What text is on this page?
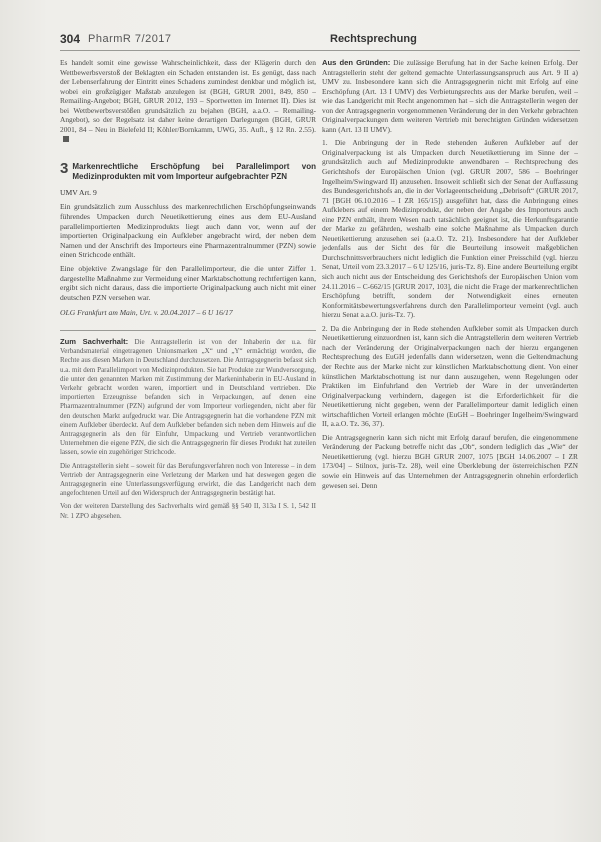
304 PharmR 7/2017	Rechtsprechung

Es handelt somit eine gewisse Wahrscheinlichkeit, dass der Klägerin durch den Wettbewerbsverstoß der Beklagten ein Schaden entstanden ist. Es genügt, dass nach der Lebenserfahrung der Eintritt eines Schadens zumindest denkbar und möglich ist, wobei ein großzügiger Maßstab anzulegen ist (BGH, GRUR 2001, 849, 850 – Remailing-Angebot; BGH, GRUR 2012, 193 – Sportwetten im Internet II). Dies ist bei Wettbewerbsverstößen grundsätzlich zu bejahen (BGH, a.a.O. – Remailing-Angebot), so der Regelsatz ist daher keine derartigen Darlegungen (BGH, GRUR 2001, 84 – Neu in Bielefeld II; Köhler/Bornkamm, UWG, 35. Aufl., § 12 Rn. 2.55).

3 Markenrechtliche Erschöpfung bei Parallelimport von Medizinprodukten mit vom Importeur aufgebrachter PZN
UMV Art. 9

Ein grundsätzlich zum Ausschluss des markenrechtlichen Erschöpfungseinwands führendes Umpacken durch Neuetikettierung eines aus dem EU-Ausland parallelimportierten Medizinprodukts liegt auch dann vor, wenn auf der importierten Originalpackung ein Aufkleber angebracht wird, der neben dem Namen und der Anschrift des Importeurs eine Pharmazentralnummer (PZN) sowie einen Strichcode enthält.

Eine objektive Zwangslage für den Parallelimporteur, die die unter Ziffer 1. dargestellte Maßnahme zur Vermeidung einer Marktabschottung rechtfertigen kann, ergibt sich nicht daraus, dass die importierte Originalpackung auch nicht mit einer deutschen PZN versehen war.

OLG Frankfurt am Main, Urt. v. 20.04.2017 – 6 U 16/17

Zum Sachverhalt: Die Antragstellerin ist von der Inhaberin der u.a. für Verbandsmaterial eingetragenen Unionsmarken „X“ und „Y“ ermächtigt worden, die Rechte aus diesen Marken in Deutschland durchzusetzen. Die Antragsgegnerin befasst sich u.a. mit dem Parallelimport von Medizinprodukten. Sie hat Produkte zur Wundversorgung, die unter den genannten Marken mit Zustimmung der Markeninhaberin in EU-Ausland in Verkehr gebracht worden waren, importiert und in Deutschland vertrieben. Die importierten Erzeugnisse befanden sich in Verpackungen, auf denen eine Pharmazentralnummer (PZN) aufgrund der vom Importeur vorliegenden, nicht aber für den deutschen Markt aufgedruckt war. Die Antragsgegnerin hat die vorhandene PZN mit einem Aufkleber überdeckt. Auf dem Aufkleber befanden sich neben dem Hinweis auf die Antragsgegnerin als den für Einfuhr, Umpackung und Vertrieb verantwortlichen Unternehmen die eigene PZN, die sich die Antragsgegnerin für dieses Produkt hat zuteilen lassen, sowie ein zugehöriger Strichcode.

Die Antragstellerin sieht – soweit für das Berufungsverfahren noch von Interesse – in dem Vertrieb der Antragsgegnerin eine Verletzung der Marken und hat deswegen gegen die Antragsgegnerin eine Unterlassungsverfügung erwirkt, die das Landgericht nach dem angefochtenen Urteil auf den Widerspruch der Antragsgegnerin bestätigt hat.

Von der weiteren Darstellung des Sachverhalts wird gemäß §§ 540 II, 313a I S. 1, 542 II Nr. 1 ZPO abgesehen.

Aus den Gründen: Die zulässige Berufung hat in der Sache keinen Erfolg. Der Antragstellerin steht der geltend gemachte Unterlassungsanspruch aus Art. 9 II a) UMV zu. Insbesondere kann sich die Antragsgegnerin nicht mit Erfolg auf eine Erschöpfung (Art. 13 I UMV) des Verbietungsrechts aus der Marke berufen, weil – wie das Landgericht mit Recht angenommen hat – sich die Antragstellerin wegen der von der Antragsgegnerin vorgenommenen Veränderung der in den Verkehr gebrachten Originalverpackungen dem weiteren Vertrieb mit berechtigten Gründen widersetzen kann (Art. 13 II UMV).

1. Die Anbringung der in Rede stehenden äußeren Aufkleber auf der Originalverpackung ist als Umpacken durch Neuetikettierung im Sinne der – grundsätzlich auch auf Medizinprodukte anwendbaren – Rechtsprechung des Gerichtshofs der Europäischen Union (vgl. GRUR 2007, 586 – Boehringer Ingelheim/Swingward II) anzusehen. Insoweit schließt sich der Senat der Auffassung des Bundesgerichtshofs an, die in der Vorlageentscheidung „Debrisoft“ (GRUR 2017, 71 [BGH 06.10.2016 – I ZR 165/15]) ausgeführt hat, dass die Anbringung eines Aufklebers auf einem Medizinprodukt, der neben der Angabe des Importeurs auch eine PZN enthält, ihrem Wesen nach tatsächlich geeignet ist, die Herkunftsgarantie der Marke zu gefährden, weshalb eine solche Maßnahme als Umpacken durch Neuetikettierung anzusehen sei (a.a.O. Tz. 21). Insbesondere hat der Aufkleber jedenfalls aus der Sicht des für die Beurteilung insoweit maßgeblichen Durchschnittsverbrauchers nicht lediglich die Funktion einer Preisschild (vgl. hierzu Senat, Urteil vom 23.3.2017 – 6 U 125/16, juris-Tz. 8). Eine andere Beurteilung ergibt sich auch nicht aus der Entscheidung des Gerichtshofs der Europäischen Union vom 24.11.2016 – C-662/15 [GRUR 2017, 103], die nicht die Frage der markenrechtlichen Erschöpfung betrifft, sondern der Notwendigkeit eines erneuten Konformitätsbewertungsverfahrens durch den Parallelimporteur verneint (vgl. auch hierzu Senat a.a.O. juris-Tz. 7).

2. Da die Anbringung der in Rede stehenden Aufkleber somit als Umpacken durch Neuetikettierung einzuordnen ist, kann sich die Antragstellerin dem weiteren Vertrieb nach der Veränderung der Originalverpackungen nach der hierzu ergangenen Rechtsprechung des EuGH jedenfalls dann widersetzen, wenn die Geltendmachung der Rechte aus der Marke nicht zur künstlichen Marktabschottung dient. Von einer künstlichen Marktabschottung ist nur dann auszugehen, wenn Regelungen oder Praktiken im Einfuhrland den Vertrieb der Ware in der unveränderten Originalverpackung verhindern, dagegen ist die Erforderlichkeit für die Neuetikettierung nicht gegeben, wenn der Parallelimporteur damit lediglich einen wirtschaftlichen Vorteil erlangen möchte (EuGH – Boehringer Ingelheim/Swingward II, a.a.O. Tz. 36, 37).

Die Antragsgegnerin kann sich nicht mit Erfolg darauf berufen, die eingenommene Veränderung der Packung betreffe nicht das „Ob“, sondern lediglich das „Wie“ der Neuetikettierung (vgl. hierzu BGH GRUR 2007, 1075 [BGH 14.06.2007 – I ZR 173/04] – Stilnox, juris-Tz. 28), weil eine Überklebung der österreichischen PZN sowie ein Hinweis auf das Unternehmen der Antragsgegnerin ohnehin erforderlich gewesen sei. Denn
